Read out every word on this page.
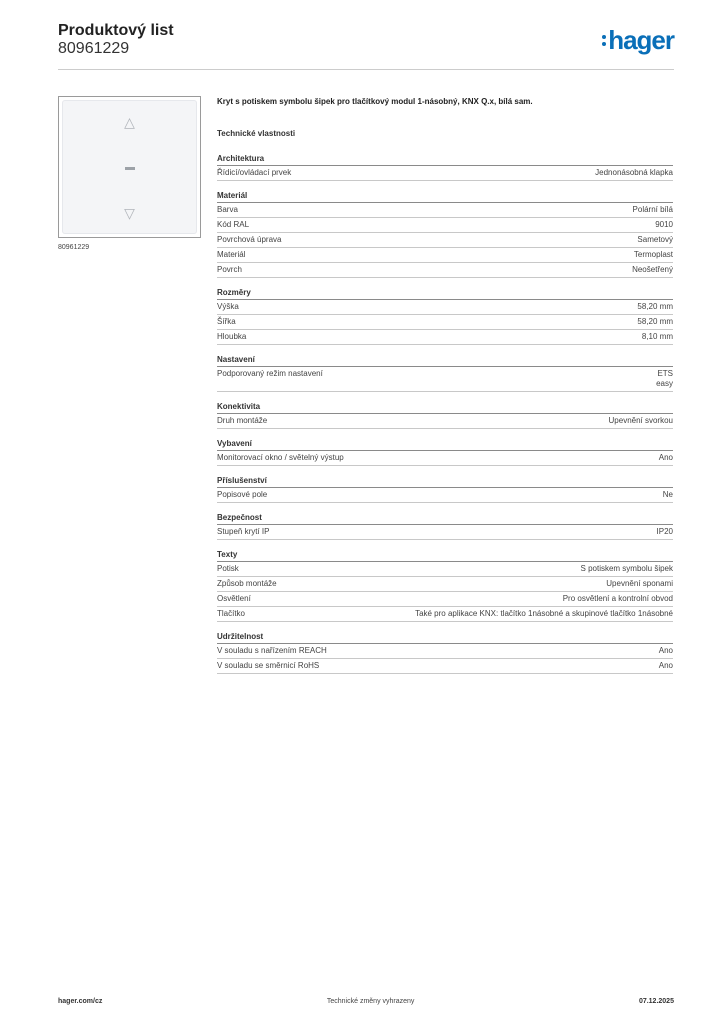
Produktový list
80961229	hager
△
▽
80961229
Kryt s potiskem symbolu šipek pro tlačítkový modul 1-násobný, KNX Q.x, bílá sam.
Technické vlastnosti
Architektura
Řídicí/ovládací prvek	Jednonásobná klapka
Materiál
Barva	Polární bílá
Kód RAL	9010
Povrchová úprava	Sametový
Materiál	Termoplast
Povrch	Neošetřený
Rozměry
Výška	58,20 mm
Šířka	58,20 mm
Hloubka	8,10 mm
Nastavení
Podporovaný režim nastavení	ETS
easy
Konektivita
Druh montáže	Upevnění svorkou
Vybavení
Monitorovací okno / světelný výstup	Ano
Příslušenství
Popisové pole	Ne
Bezpečnost
Stupeň krytí IP	IP20
Texty
Potisk	S potiskem symbolu šipek
Způsob montáže	Upevnění sponami
Osvětlení	Pro osvětlení a kontrolní obvod
Tlačítko	Také pro aplikace KNX: tlačítko 1násobné a skupinové tlačítko 1násobné
Udržitelnost
V souladu s nařízením REACH	Ano
V souladu se směrnicí RoHS	Ano
hager.com/cz	Technické změny vyhrazeny	07.12.2025
